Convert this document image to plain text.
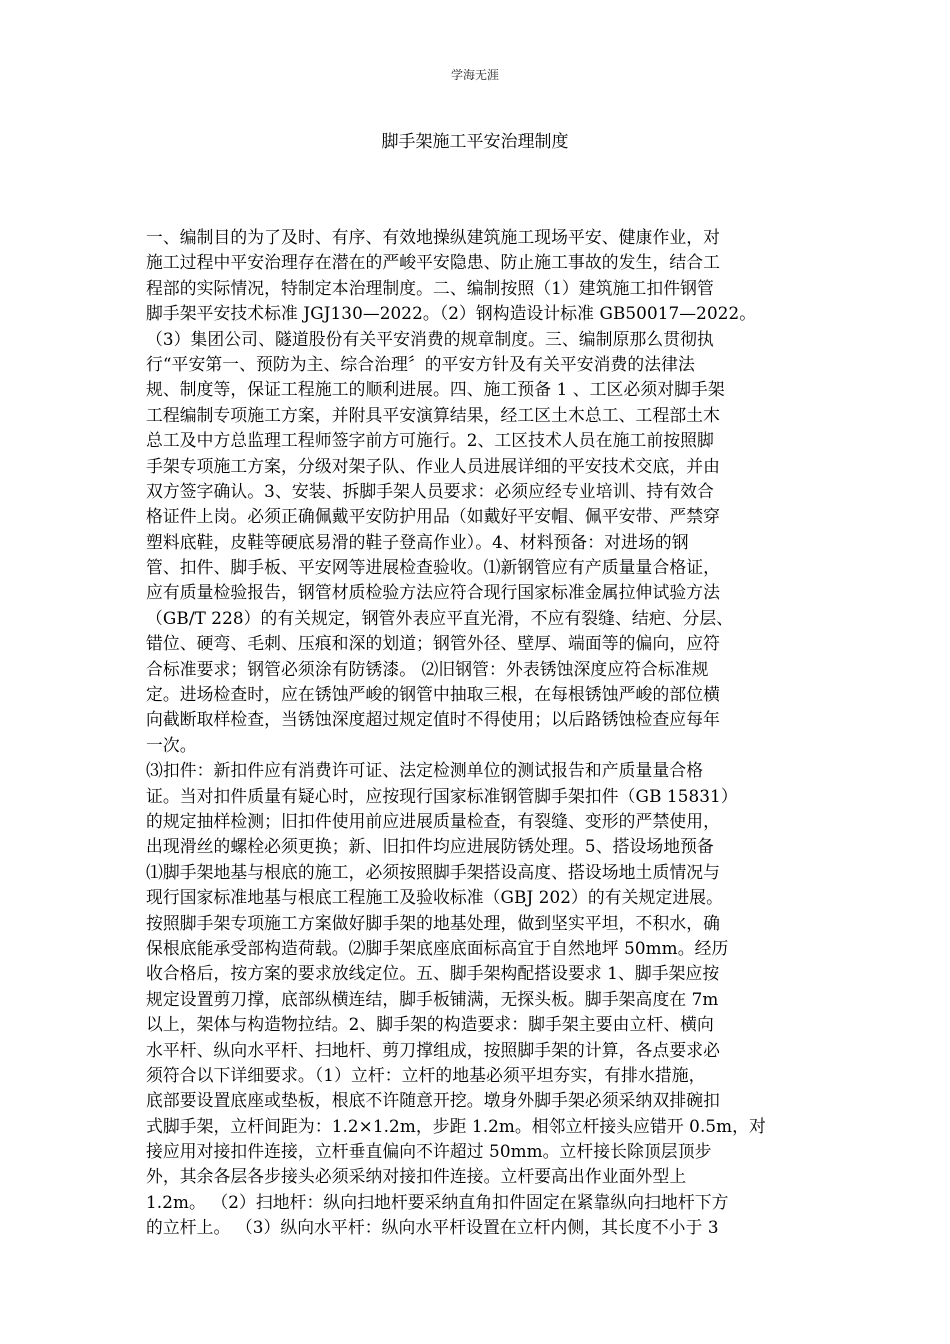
学海无涯
脚手架施工平安治理制度
一、编制目的为了及时、有序、有效地操纵建筑施工现场平安、健康作业，对
施工过程中平安治理存在潜在的严峻平安隐患、防止施工事故的发生，结合工
程部的实际情况，特制定本治理制度。二、编制按照（1）建筑施工扣件钢管
脚手架平安技术标准 JGJ130—2022。（2）钢构造设计标准 GB50017—2022。
（3）集团公司、隧道股份有关平安消费的规章制度。三、编制原那么贯彻执
行“平安第一、预防为主、综合治理〞的平安方针及有关平安消费的法律法
规、制度等，保证工程施工的顺利进展。四、施工预备 1 、工区必须对脚手架
工程编制专项施工方案，并附具平安演算结果，经工区土木总工、工程部土木
总工及中方总监理工程师签字前方可施行。2、工区技术人员在施工前按照脚
手架专项施工方案，分级对架子队、作业人员进展详细的平安技术交底，并由
双方签字确认。3、安装、拆脚手架人员要求：必须应经专业培训、持有效合
格证件上岗。必须正确佩戴平安防护用品（如戴好平安帽、佩平安带、严禁穿
塑料底鞋，皮鞋等硬底易滑的鞋子登高作业）。4、材料预备：对进场的钢
管、扣件、脚手板、平安网等进展检查验收。⑴新钢管应有产质量量合格证，
应有质量检验报告，钢管材质检验方法应符合现行国家标准金属拉伸试验方法
（GB/T 228）的有关规定，钢管外表应平直光滑，不应有裂缝、结疤、分层、
错位、硬弯、毛刺、压痕和深的划道；钢管外径、壁厚、端面等的偏向，应符
合标准要求；钢管必须涂有防锈漆。 ⑵旧钢管：外表锈蚀深度应符合标准规
定。进场检查时，应在锈蚀严峻的钢管中抽取三根，在每根锈蚀严峻的部位横
向截断取样检查，当锈蚀深度超过规定值时不得使用；以后路锈蚀检查应每年
一次。
⑶扣件：新扣件应有消费许可证、法定检测单位的测试报告和产质量量合格
证。当对扣件质量有疑心时，应按现行国家标准钢管脚手架扣件（GB 15831）
的规定抽样检测；旧扣件使用前应进展质量检查，有裂缝、变形的严禁使用，
出现滑丝的螺栓必须更换；新、旧扣件均应进展防锈处理。5、搭设场地预备
⑴脚手架地基与根底的施工，必须按照脚手架搭设高度、搭设场地土质情况与
现行国家标准地基与根底工程施工及验收标准（GBJ 202）的有关规定进展。
按照脚手架专项施工方案做好脚手架的地基处理，做到坚实平坦，不积水，确
保根底能承受部构造荷载。⑵脚手架底座底面标高宜于自然地坪 50mm。经历
收合格后，按方案的要求放线定位。五、脚手架构配搭设要求 1、脚手架应按
规定设置剪刀撑，底部纵横连结，脚手板铺满，无探头板。脚手架高度在 7m
以上，架体与构造物拉结。2、脚手架的构造要求：脚手架主要由立杆、横向
水平杆、纵向水平杆、扫地杆、剪刀撑组成，按照脚手架的计算，各点要求必
须符合以下详细要求。（1）立杆：立杆的地基必须平坦夯实，有排水措施，
底部要设置底座或垫板，根底不许随意开挖。墩身外脚手架必须采纳双排碗扣
式脚手架，立杆间距为：1.2×1.2m，步距 1.2m。相邻立杆接头应错开 0.5m，对
接应用对接扣件连接，立杆垂直偏向不许超过 50mm。立杆接长除顶层顶步
外，其余各层各步接头必须采纳对接扣件连接。立杆要高出作业面外型上
1.2m。 （2）扫地杆：纵向扫地杆要采纳直角扣件固定在紧靠纵向扫地杆下方
的立杆上。 （3）纵向水平杆：纵向水平杆设置在立杆内侧，其长度不小于 3
